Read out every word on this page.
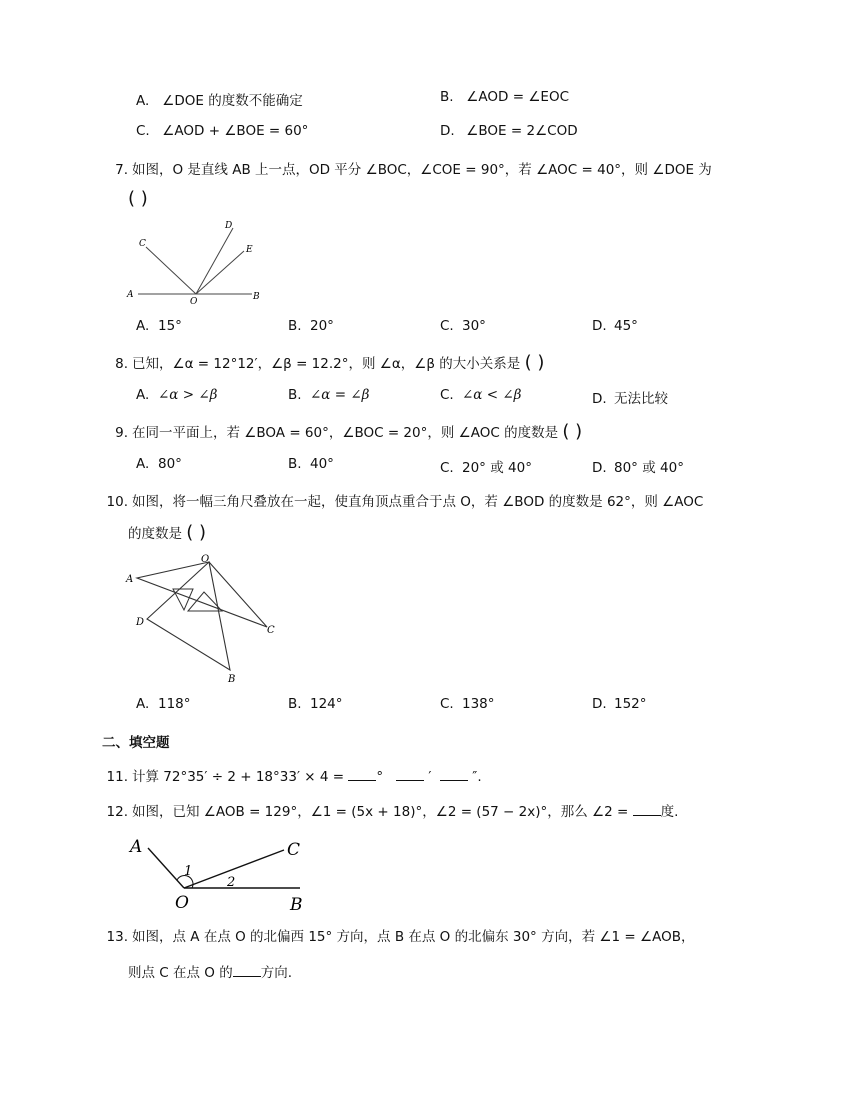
A. ∠DOE 的度数不能确定	B. ∠AOD = ∠EOC
C. ∠AOD + ∠BOE = 60°	D. ∠BOE = 2∠COD
7. 如图，O 是直线 AB 上一点，OD 平分 ∠BOC，∠COE = 90°，若 ∠AOC = 40°，则 ∠DOE 为
( )
A	B
C
D
E
O
A. 15°	B. 20°	C. 30°	D. 45°
8. 已知，∠α = 12°12′，∠β = 12.2°，则 ∠α，∠β 的大小关系是 ( )
A. ∠α > ∠β	B. ∠α = ∠β	C. ∠α < ∠β	D. 无法比较
9. 在同一平面上，若 ∠BOA = 60°，∠BOC = 20°，则 ∠AOC 的度数是 ( )
A. 80°	B. 40°	C. 20° 或 40°	D. 80° 或 40°
10. 如图，将一幅三角尺叠放在一起，使直角顶点重合于点 O，若 ∠BOD 的度数是 62°，则 ∠AOC
的度数是 ( )
O
A
D
C
B
A. 118°	B. 124°	C. 138°	D. 152°
二、填空题
11. 计算 72°35′ ÷ 2 + 18°33′ × 4 = °	′	″.
12. 如图，已知 ∠AOB = 129°，∠1 = (5x + 18)°，∠2 = (57 − 2x)°，那么 ∠2 = 度.
A
O	B
C
1
2
13. 如图，点 A 在点 O 的北偏西 15° 方向，点 B 在点 O 的北偏东 30° 方向，若 ∠1 = ∠AOB，
则点 C 在点 O 的 方向.
